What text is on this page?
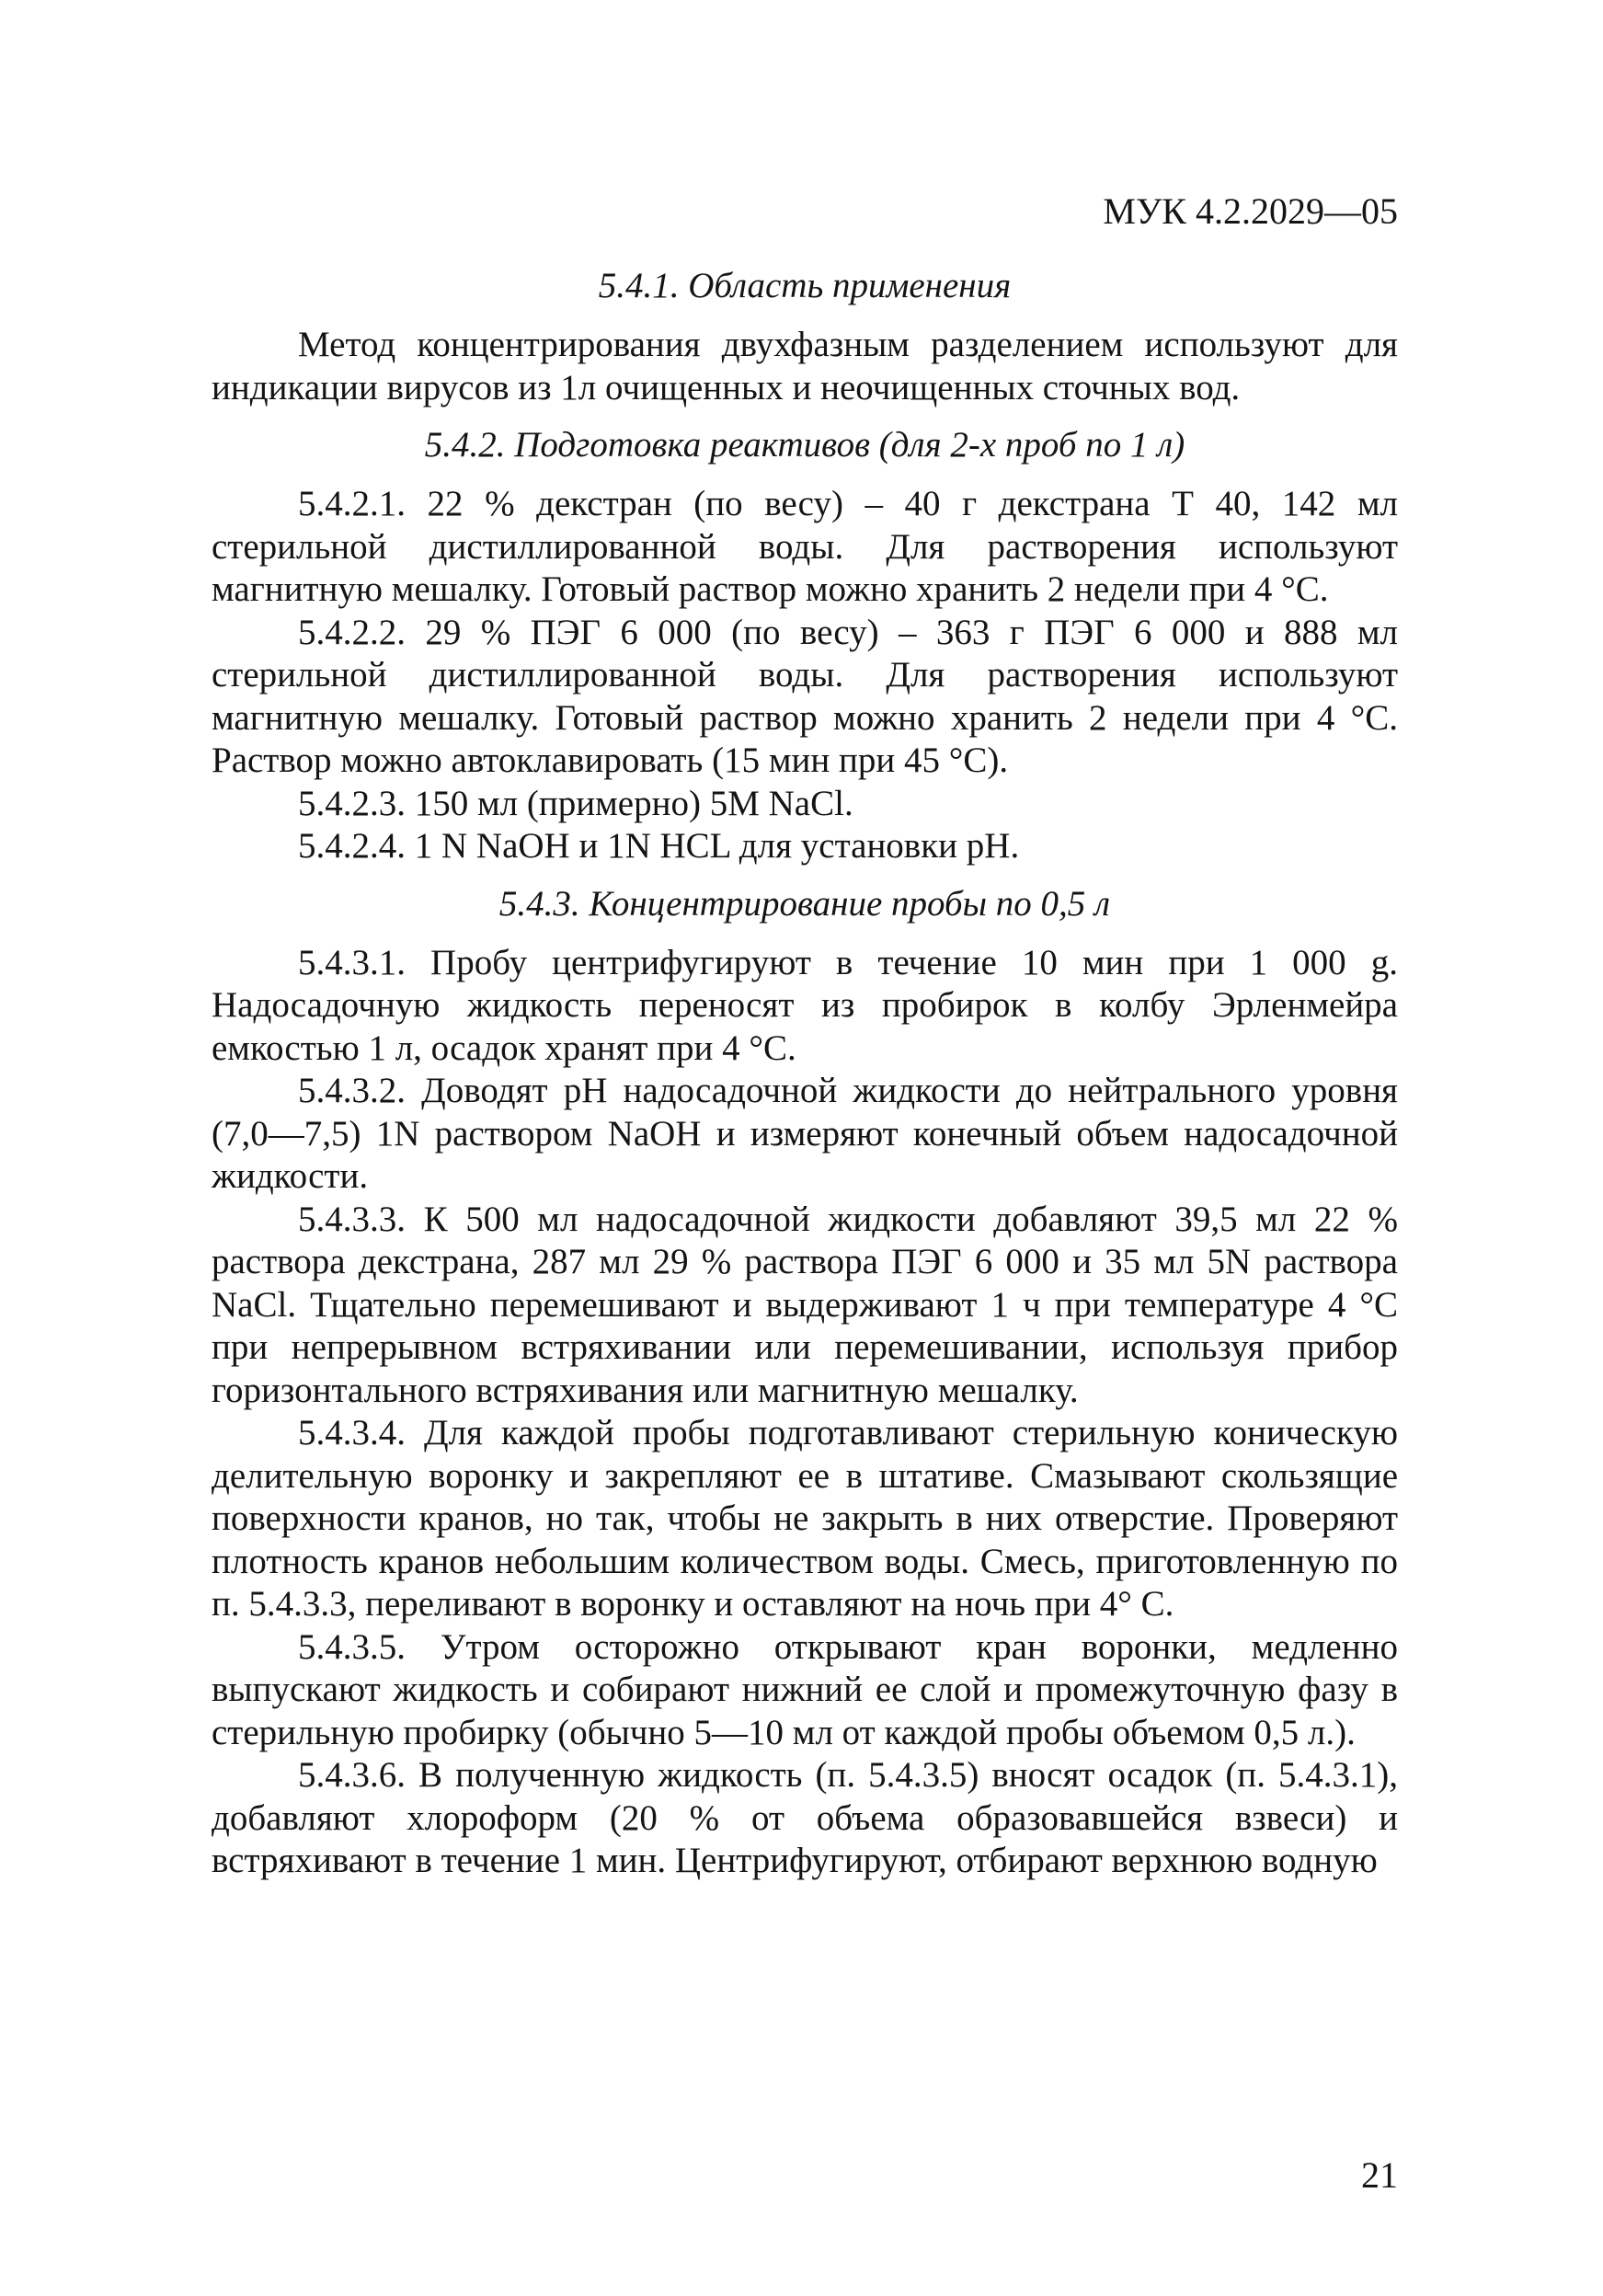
МУК 4.2.2029—05
5.4.1. Область применения

Метод концентрирования двухфазным разделением используют для индикации вирусов из 1л очищенных и неочищенных сточных вод.

5.4.2. Подготовка реактивов (для 2-х проб по 1 л)

5.4.2.1. 22 % декстран (по весу) – 40 г декстрана Т 40, 142 мл стерильной дистиллированной воды. Для растворения используют магнитную мешалку. Готовый раствор можно хранить 2 недели при 4 °С.

5.4.2.2. 29 % ПЭГ 6 000 (по весу) – 363 г ПЭГ 6 000 и 888 мл стерильной дистиллированной воды. Для растворения используют магнитную мешалку. Готовый раствор можно хранить 2 недели при 4 °С. Раствор можно автоклавировать (15 мин при 45 °С).

5.4.2.3. 150 мл (примерно) 5M NaCl.

5.4.2.4. 1 N NaOH и 1N HCL для установки pH.

5.4.3. Концентрирование пробы по 0,5 л

5.4.3.1. Пробу центрифугируют в течение 10 мин при 1 000 g. Надосадочную жидкость переносят из пробирок в колбу Эрленмейра емкостью 1 л, осадок хранят при 4 °С.

5.4.3.2. Доводят pH надосадочной жидкости до нейтрального уровня (7,0—7,5) 1N раствором NaOH и измеряют конечный объем надосадочной жидкости.

5.4.3.3. К 500 мл надосадочной жидкости добавляют 39,5 мл 22 % раствора декстрана, 287 мл 29 % раствора ПЭГ 6 000 и 35 мл 5N раствора NaCl. Тщательно перемешивают и выдерживают 1 ч при температуре 4 °С при непрерывном встряхивании или перемешивании, используя прибор горизонтального встряхивания или магнитную мешалку.

5.4.3.4. Для каждой пробы подготавливают стерильную коническую делительную воронку и закрепляют ее в штативе. Смазывают скользящие поверхности кранов, но так, чтобы не закрыть в них отверстие. Проверяют плотность кранов небольшим количеством воды. Смесь, приготовленную по п. 5.4.3.3, переливают в воронку и оставляют на ночь при 4° С.

5.4.3.5. Утром осторожно открывают кран воронки, медленно выпускают жидкость и собирают нижний ее слой и промежуточную фазу в стерильную пробирку (обычно 5—10 мл от каждой пробы объемом 0,5 л.).

5.4.3.6. В полученную жидкость (п. 5.4.3.5) вносят осадок (п. 5.4.3.1), добавляют хлороформ (20 % от объема образовавшейся взвеси) и встряхивают в течение 1 мин. Центрифугируют, отбирают верхнюю водную

21
